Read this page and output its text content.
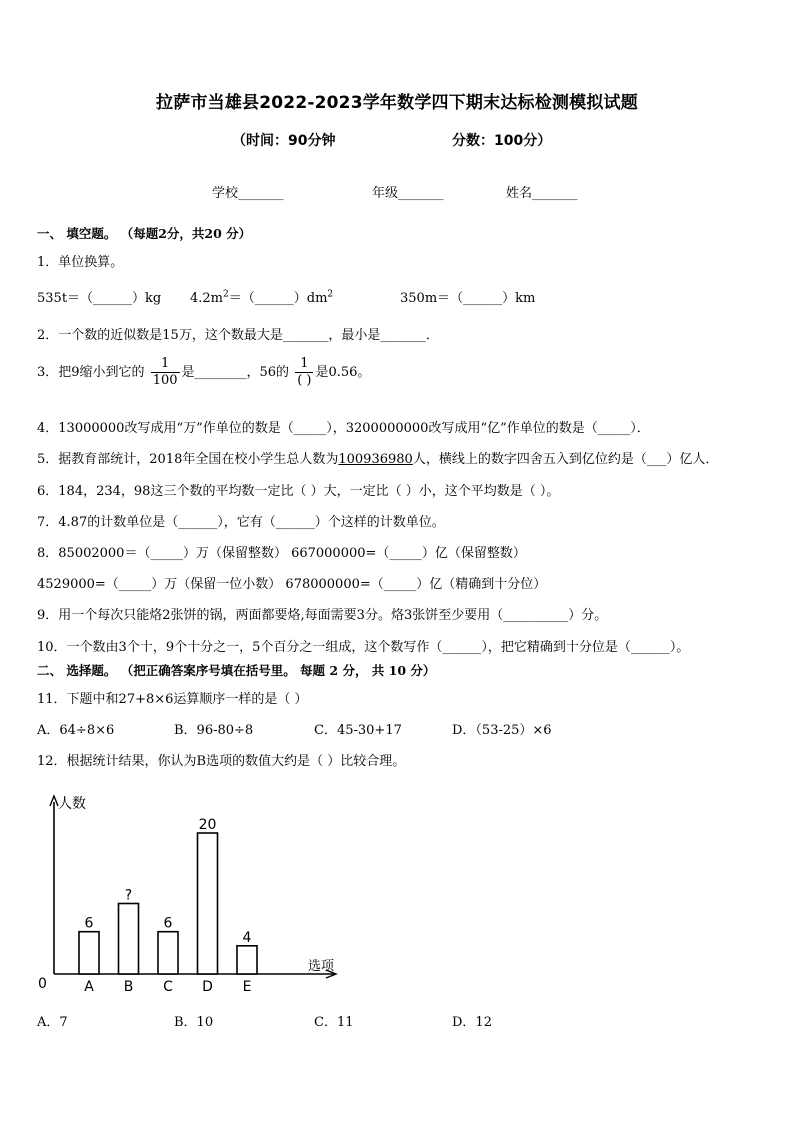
拉萨市当雄县2022-2023学年数学四下期末达标检测模拟试题
（时间：90分钟	分数：100分）
学校_______	年级_______	姓名_______
一、 填空题。 （每题2分，共20 分）
1．单位换算。
535t＝（______）kg $4.2m^2=(\_\_\_\_\_\_)dm^2$	350m＝（______）km
2．一个数的近似数是15万，这个数最大是_______，最小是_______．
3．把9缩小到它的 $\frac{1}{100}$ 是________，56的 $\frac{1}{( )}$ 是0.56。
4．13000000改写成用“万”作单位的数是（_____），3200000000改写成用“亿”作单位的数是（_____）．
5．据教育部统计，2018年全国在校小学生总人数为100936980人，横线上的数字四舍五入到亿位约是（___）亿人．
6．184，234，98这三个数的平均数一定比（ ）大，一定比（ ）小，这个平均数是（ ）。
7．4.87的计数单位是（______），它有（______）个这样的计数单位。
8．85002000＝（_____）万（保留整数） 667000000=（_____）亿（保留整数）
4529000=（_____）万（保留一位小数） 678000000=（_____）亿（精确到十分位）
9．用一个每次只能烙2张饼的锅，两面都要烙,每面需要3分。烙3张饼至少要用（__________）分。
10．一个数由3个十，9个十分之一，5个百分之一组成，这个数写作（______），把它精确到十分位是（______）。
二、 选择题。 （把正确答案序号填在括号里。 每题 2 分， 共 10 分）
11．下题中和27+8×6运算顺序一样的是（ ）
A．64÷8×6	B．96-80÷8	C．45-30+17	D．（53-25）×6
12．根据统计结果，你认为B选项的数值大约是（ ）比较合理。
人数
选项
0
6
A
?
B
6
C
20
D
4
E
A．7	B．10	C．11	D．12
